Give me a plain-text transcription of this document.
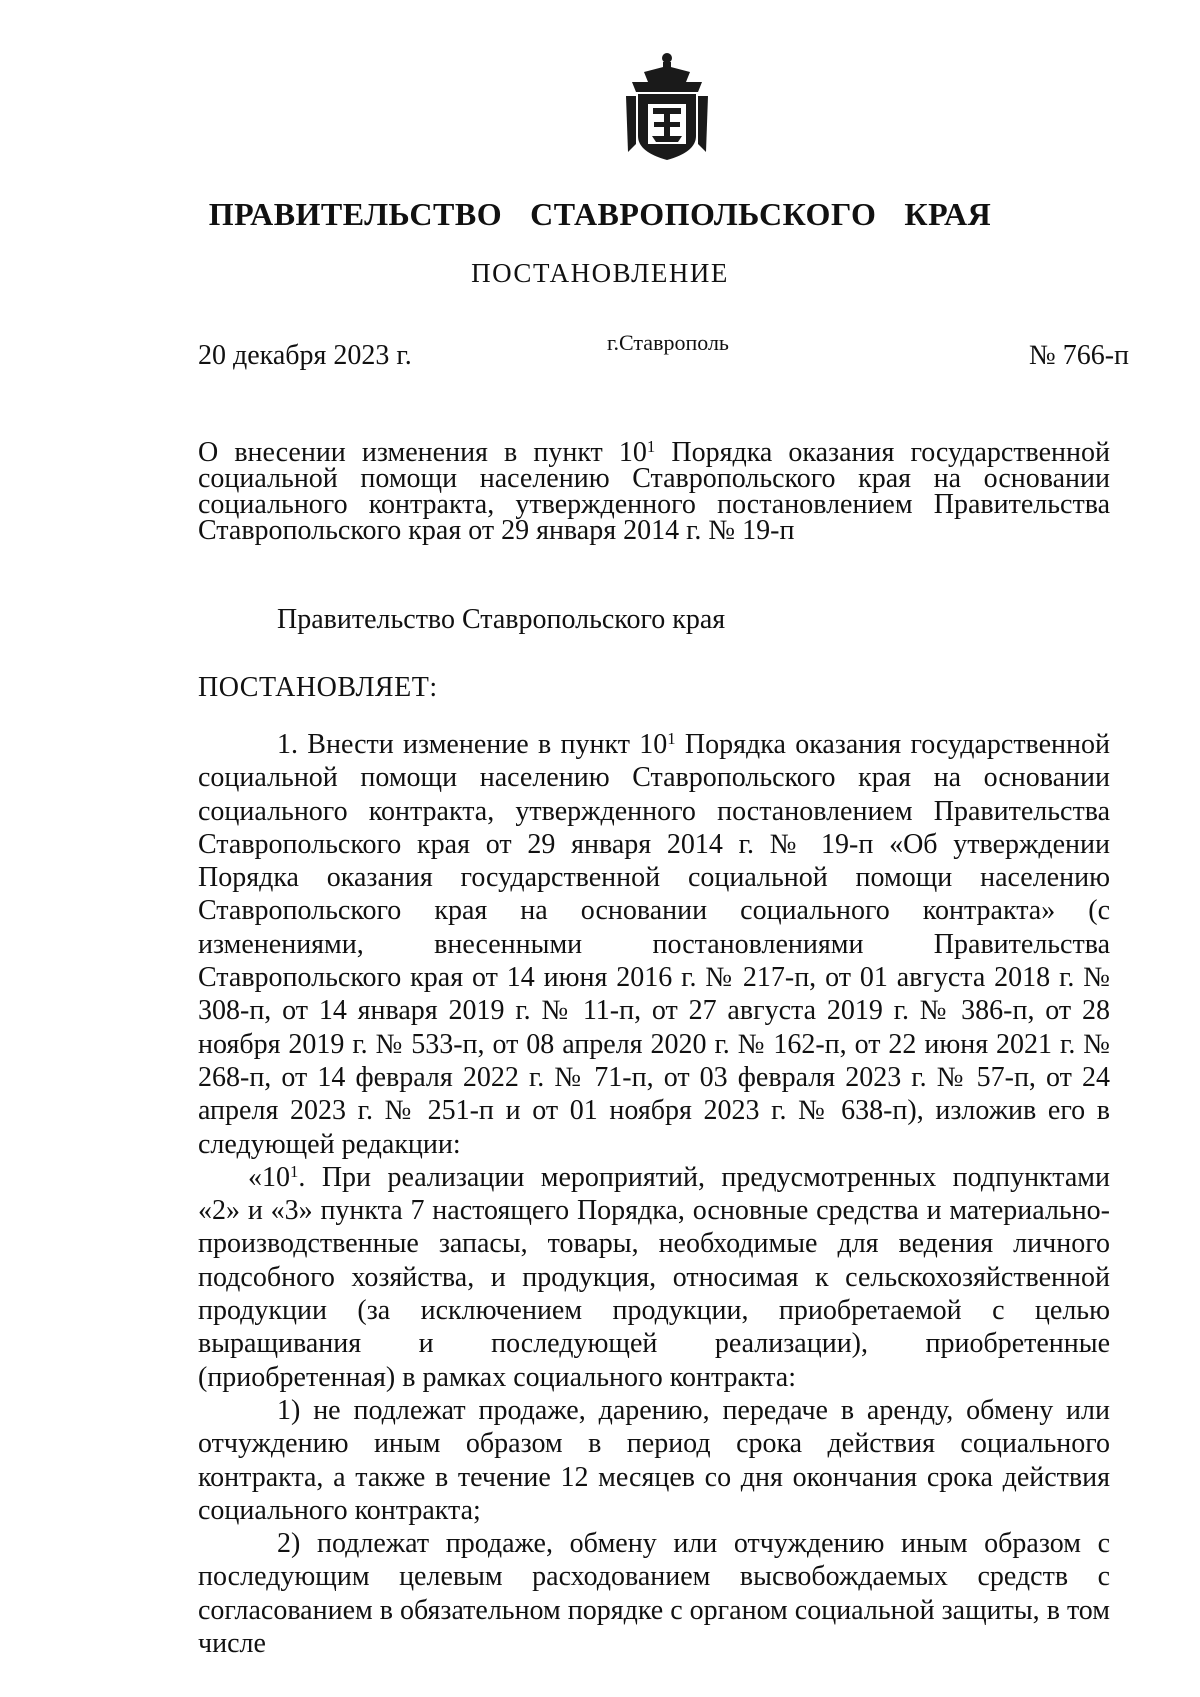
ПРАВИТЕЛЬСТВО СТАВРОПОЛЬСКОГО КРАЯ
ПОСТАНОВЛЕНИЕ
20 декабря 2023 г.	г.Ставрополь	№ 766-п
О внесении изменения в пункт $10^1$ Порядка оказания государственной социальной помощи населению Ставропольского края на основании социального контракта, утвержденного постановлением Правительства Ставропольского края от 29 января 2014 г. № 19-п
Правительство Ставропольского края
ПОСТАНОВЛЯЕТ:

1. Внести изменение в пункт $10^1$ Порядка оказания государственной социальной помощи населению Ставропольского края на основании социального контракта, утвержденного постановлением Правительства Ставропольского края от 29 января 2014 г. № 19-п «Об утверждении Порядка оказания государственной социальной помощи населению Ставропольского края на основании социального контракта» (с изменениями, внесенными постановлениями Правительства Ставропольского края от 14 июня 2016 г. № 217-п, от 01 августа 2018 г. № 308-п, от 14 января 2019 г. № 11-п, от 27 августа 2019 г. № 386-п, от 28 ноября 2019 г. № 533-п, от 08 апреля 2020 г. № 162-п, от 22 июня 2021 г. № 268-п, от 14 февраля 2022 г. № 71-п, от 03 февраля 2023 г. № 57-п, от 24 апреля 2023 г. № 251-п и от 01 ноября 2023 г. № 638-п), изложив его в следующей редакции:

«$10^1$. При реализации мероприятий, предусмотренных подпунктами «2» и «3» пункта 7 настоящего Порядка, основные средства и материально-производственные запасы, товары, необходимые для ведения личного подсобного хозяйства, и продукция, относимая к сельскохозяйственной продукции (за исключением продукции, приобретаемой с целью выращивания и последующей реализации), приобретенные (приобретенная) в рамках социального контракта:

1) не подлежат продаже, дарению, передаче в аренду, обмену или отчуждению иным образом в период срока действия социального контракта, а также в течение 12 месяцев со дня окончания срока действия социального контракта;

2) подлежат продаже, обмену или отчуждению иным образом с последующим целевым расходованием высвобождаемых средств с согласованием в обязательном порядке с органом социальной защиты, в том числе
